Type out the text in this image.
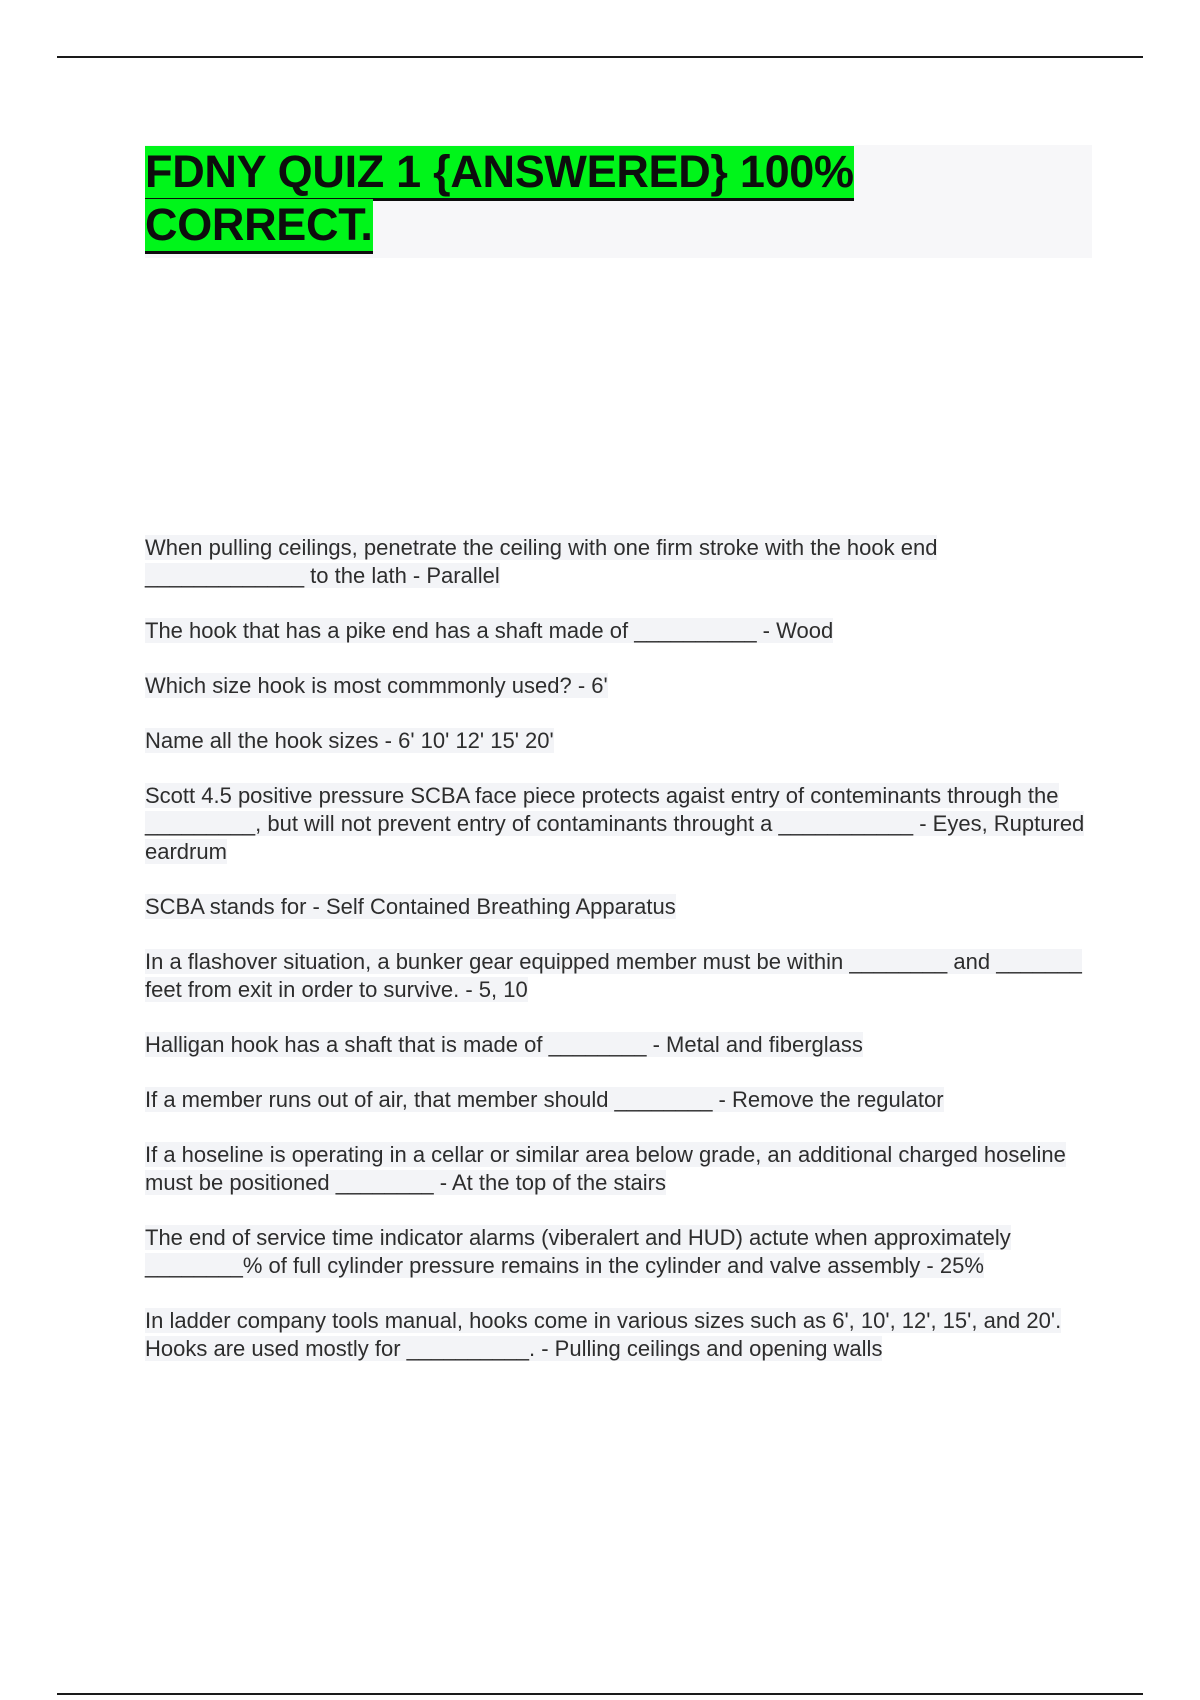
FDNY QUIZ 1 {ANSWERED} 100% CORRECT.

When pulling ceilings, penetrate the ceiling with one firm stroke with the hook end _____________ to the lath - Parallel

The hook that has a pike end has a shaft made of __________ - Wood

Which size hook is most commmonly used? - 6'

Name all the hook sizes - 6' 10' 12' 15' 20'

Scott 4.5 positive pressure SCBA face piece protects agaist entry of conteminants through the _________, but will not prevent entry of contaminants throught a ___________ - Eyes, Ruptured eardrum

SCBA stands for - Self Contained Breathing Apparatus

In a flashover situation, a bunker gear equipped member must be within ________ and _______ feet from exit in order to survive. - 5, 10

Halligan hook has a shaft that is made of ________ - Metal and fiberglass

If a member runs out of air, that member should ________ - Remove the regulator

If a hoseline is operating in a cellar or similar area below grade, an additional charged hoseline must be positioned ________ - At the top of the stairs

The end of service time indicator alarms (viberalert and HUD) actute when approximately ________% of full cylinder pressure remains in the cylinder and valve assembly - 25%

In ladder company tools manual, hooks come in various sizes such as 6', 10', 12', 15', and 20'. Hooks are used mostly for __________. - Pulling ceilings and opening walls
